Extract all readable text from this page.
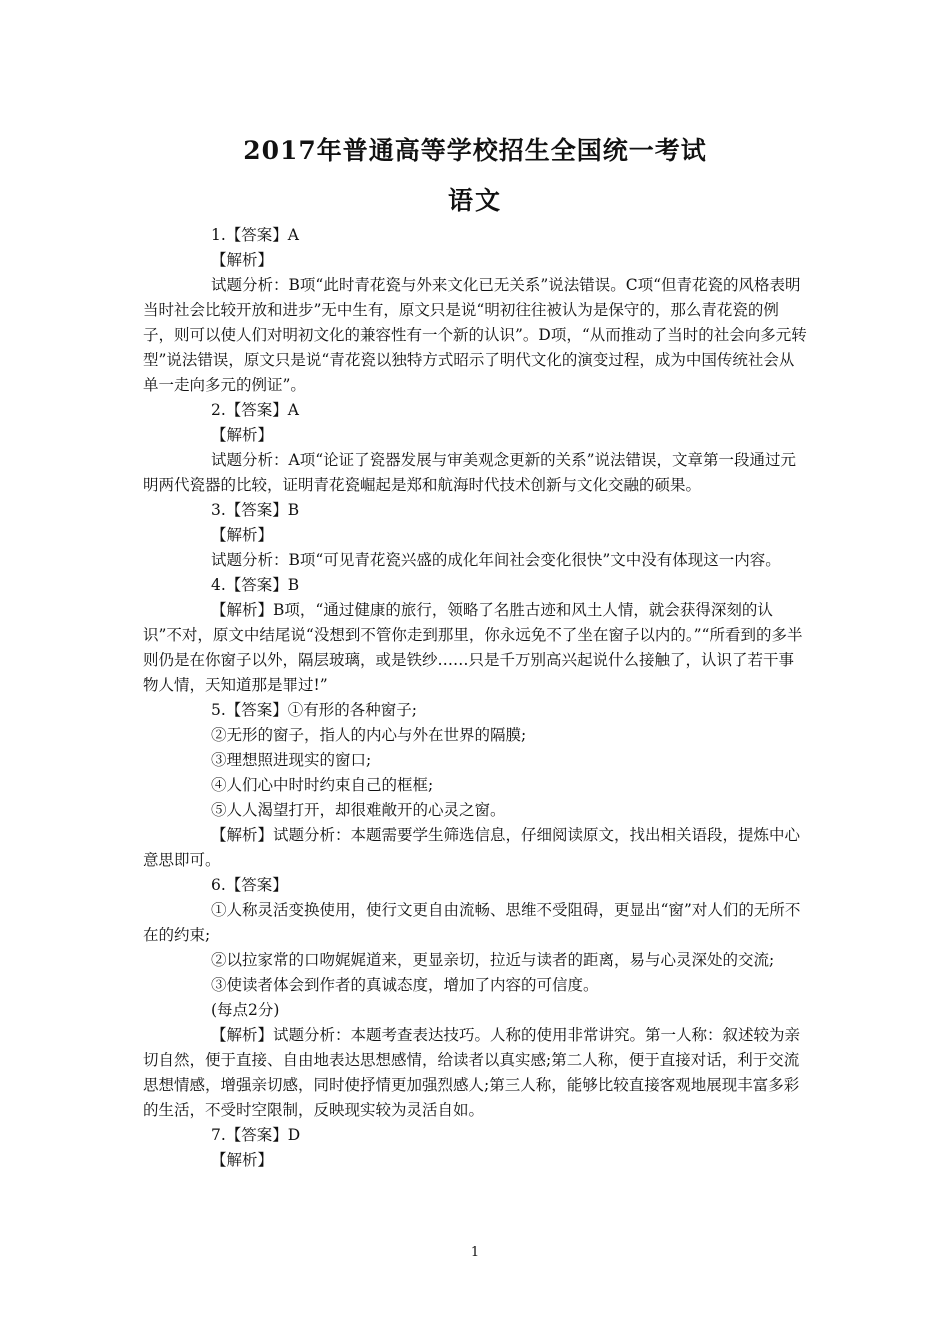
2017年普通高等学校招生全国统一考试
语文

1.【答案】A

【解析】

试题分析：B项“此时青花瓷与外来文化已无关系”说法错误。C项“但青花瓷的风格表明当时社会比较开放和进步”无中生有，原文只是说“明初往往被认为是保守的，那么青花瓷的例子，则可以使人们对明初文化的兼容性有一个新的认识”。D项，“从而推动了当时的社会向多元转型”说法错误，原文只是说“青花瓷以独特方式昭示了明代文化的演变过程，成为中国传统社会从单一走向多元的例证”。

2.【答案】A

【解析】

试题分析：A项“论证了瓷器发展与审美观念更新的关系”说法错误，文章第一段通过元明两代瓷器的比较，证明青花瓷崛起是郑和航海时代技术创新与文化交融的硕果。

3.【答案】B

【解析】

试题分析：B项“可见青花瓷兴盛的成化年间社会变化很快”文中没有体现这一内容。

4.【答案】B

【解析】B项，“通过健康的旅行，领略了名胜古迹和风土人情，就会获得深刻的认识”不对，原文中结尾说“没想到不管你走到那里，你永远免不了坐在窗子以内的。”“所看到的多半则仍是在你窗子以外，隔层玻璃，或是铁纱……只是千万别高兴起说什么接触了，认识了若干事物人情，天知道那是罪过!”

5.【答案】①有形的各种窗子;

②无形的窗子，指人的内心与外在世界的隔膜;

③理想照进现实的窗口;

④人们心中时时约束自己的框框;

⑤人人渴望打开，却很难敞开的心灵之窗。

【解析】试题分析：本题需要学生筛选信息，仔细阅读原文，找出相关语段，提炼中心意思即可。

6.【答案】

①人称灵活变换使用，使行文更自由流畅、思维不受阻碍，更显出“窗”对人们的无所不在的约束;

②以拉家常的口吻娓娓道来，更显亲切，拉近与读者的距离，易与心灵深处的交流;

③使读者体会到作者的真诚态度，增加了内容的可信度。

(每点2分)

【解析】试题分析：本题考查表达技巧。人称的使用非常讲究。第一人称：叙述较为亲切自然，便于直接、自由地表达思想感情，给读者以真实感;第二人称，便于直接对话，利于交流思想情感，增强亲切感，同时使抒情更加强烈感人;第三人称，能够比较直接客观地展现丰富多彩的生活，不受时空限制，反映现实较为灵活自如。

7.【答案】D

【解析】

1
